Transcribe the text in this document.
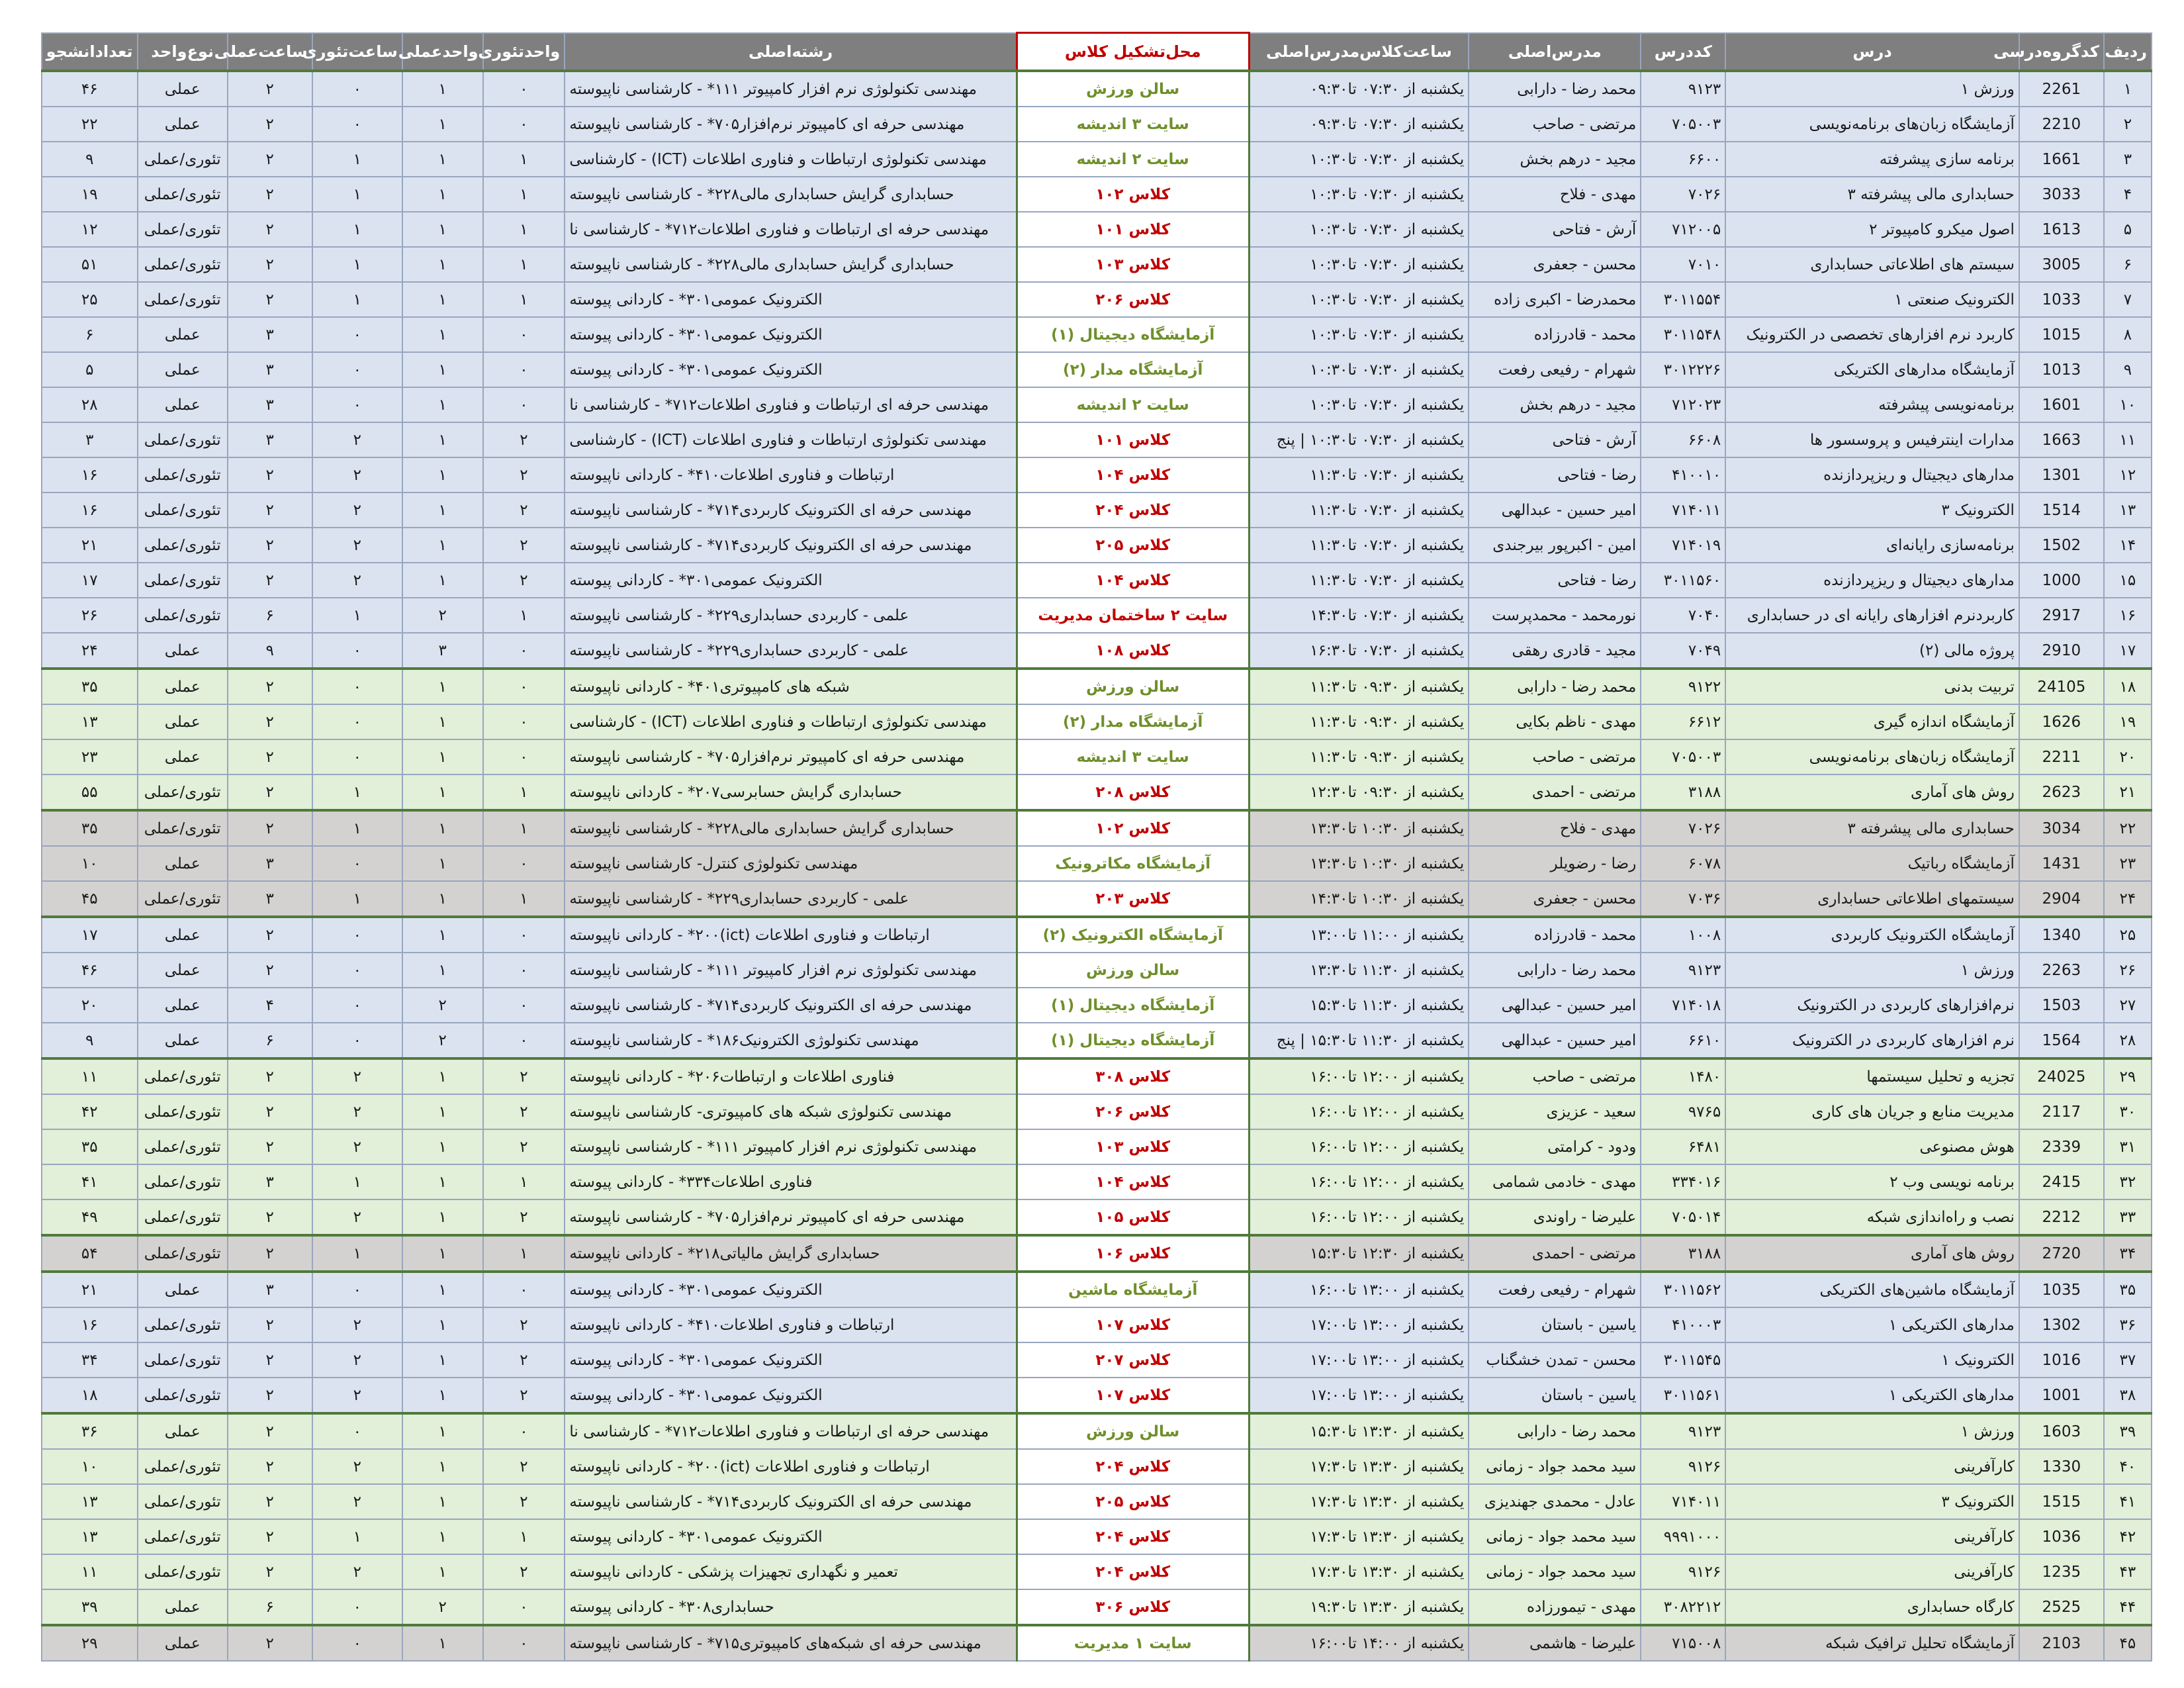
ردیف	کدگروه‌درسی	درس	کددرس	مدرس‌اصلی	ساعت‌کلاس‌مدرس‌اصلی	محل‌تشکیل کلاس	رشته‌اصلی	واحدتئوری	واحدعملی	ساعت‌تئوری	ساعت‌عملی	نوع‌واحد	تعدادانشجو
۱	2261	ورزش ۱	۹۱۲۳	محمد رضا - دارابی	یکشنبه از ۰۷:۳۰ تا۰۹:۳۰	سالن ورزش	مهندسی تکنولوژی نرم افزار کامپیوتر ۱۱۱* - کارشناسی ناپیوسته	۰	۱	۰	۲	عملی	۴۶
۲	2210	آزمایشگاه زبان‌های برنامه‌نویسی	۷۰۵۰۰۳	مرتضی - صاحب	یکشنبه از ۰۷:۳۰ تا۰۹:۳۰	سایت ۳ اندیشه	مهندسی حرفه ای کامپیوتر نرم‌افزار۷۰۵* - کارشناسی ناپیوسته	۰	۱	۰	۲	عملی	۲۲
۳	1661	برنامه سازی پیشرفته	۶۶۰۰	مجید - درهم بخش	یکشنبه از ۰۷:۳۰ تا۱۰:۳۰	سایت ۲ اندیشه	مهندسی تکنولوژی ارتباطات و فناوری اطلاعات (ICT) - کارشناسی	۱	۱	۱	۲	تئوری/عملی	۹
۴	3033	حسابداری مالی پیشرفته ۳	۷۰۲۶	مهدی - فلاح	یکشنبه از ۰۷:۳۰ تا۱۰:۳۰	کلاس ۱۰۲	حسابداری گرایش حسابداری مالی۲۲۸* - کارشناسی ناپیوسته	۱	۱	۱	۲	تئوری/عملی	۱۹
۵	1613	اصول میکرو کامپیوتر ۲	۷۱۲۰۰۵	آرش - فتاحی	یکشنبه از ۰۷:۳۰ تا۱۰:۳۰	کلاس ۱۰۱	مهندسی حرفه ای ارتباطات و فناوری اطلاعات۷۱۲* - کارشناسی نا	۱	۱	۱	۲	تئوری/عملی	۱۲
۶	3005	سیستم های اطلاعاتی حسابداری	۷۰۱۰	محسن - جعفری	یکشنبه از ۰۷:۳۰ تا۱۰:۳۰	کلاس ۱۰۳	حسابداری گرایش حسابداری مالی۲۲۸* - کارشناسی ناپیوسته	۱	۱	۱	۲	تئوری/عملی	۵۱
۷	1033	الکترونیک صنعتی ۱	۳۰۱۱۵۵۴	محمدرضا - اکبری زاده	یکشنبه از ۰۷:۳۰ تا۱۰:۳۰	کلاس ۲۰۶	الکترونیک عمومی۳۰۱* - کاردانی پیوسته	۱	۱	۱	۲	تئوری/عملی	۲۵
۸	1015	کاربرد نرم افزارهای تخصصی در الکترونیک	۳۰۱۱۵۴۸	محمد - قادرزاده	یکشنبه از ۰۷:۳۰ تا۱۰:۳۰	آزمایشگاه دیجیتال (۱)	الکترونیک عمومی۳۰۱* - کاردانی پیوسته	۰	۱	۰	۳	عملی	۶
۹	1013	آزمایشگاه مدارهای الکتریکی	۳۰۱۲۲۲۶	شهرام - رفیعی رفعت	یکشنبه از ۰۷:۳۰ تا۱۰:۳۰	آزمایشگاه مدار (۲)	الکترونیک عمومی۳۰۱* - کاردانی پیوسته	۰	۱	۰	۳	عملی	۵
۱۰	1601	برنامه‌نویسی پیشرفته	۷۱۲۰۲۳	مجید - درهم بخش	یکشنبه از ۰۷:۳۰ تا۱۰:۳۰	سایت ۲ اندیشه	مهندسی حرفه ای ارتباطات و فناوری اطلاعات۷۱۲* - کارشناسی نا	۰	۱	۰	۳	عملی	۲۸
۱۱	1663	مدارات اینترفیس و پروسسور ها	۶۶۰۸	آرش - فتاحی	یکشنبه از ۰۷:۳۰ تا۱۰:۳۰ | پنج	کلاس ۱۰۱	مهندسی تکنولوژی ارتباطات و فناوری اطلاعات (ICT) - کارشناسی	۲	۱	۲	۳	تئوری/عملی	۳
۱۲	1301	مدارهای دیجیتال و ریزپردازنده	۴۱۰۰۱۰	رضا - فتاحی	یکشنبه از ۰۷:۳۰ تا۱۱:۳۰	کلاس ۱۰۴	ارتباطات و فناوری اطلاعات۴۱۰* - کاردانی ناپیوسته	۲	۱	۲	۲	تئوری/عملی	۱۶
۱۳	1514	الکترونیک ۳	۷۱۴۰۱۱	امیر حسین - عبدالهی	یکشنبه از ۰۷:۳۰ تا۱۱:۳۰	کلاس ۲۰۴	مهندسی حرفه ای الکترونیک کاربردی۷۱۴* - کارشناسی ناپیوسته	۲	۱	۲	۲	تئوری/عملی	۱۶
۱۴	1502	برنامه‌سازی رایانه‌ای	۷۱۴۰۱۹	امین - اکبرپور بیرجندی	یکشنبه از ۰۷:۳۰ تا۱۱:۳۰	کلاس ۲۰۵	مهندسی حرفه ای الکترونیک کاربردی۷۱۴* - کارشناسی ناپیوسته	۲	۱	۲	۲	تئوری/عملی	۲۱
۱۵	1000	مدارهای دیجیتال و ریزپردازنده	۳۰۱۱۵۶۰	رضا - فتاحی	یکشنبه از ۰۷:۳۰ تا۱۱:۳۰	کلاس ۱۰۴	الکترونیک عمومی۳۰۱* - کاردانی پیوسته	۲	۱	۲	۲	تئوری/عملی	۱۷
۱۶	2917	کاربردنرم افزارهای رایانه ای در حسابداری	۷۰۴۰	نورمحمد - محمدپرست	یکشنبه از ۰۷:۳۰ تا۱۴:۳۰	سایت ۲ ساختمان مدیریت	علمی - کاربردی حسابداری۲۲۹* - کارشناسی ناپیوسته	۱	۲	۱	۶	تئوری/عملی	۲۶
۱۷	2910	پروژه مالی (۲)	۷۰۴۹	مجید - قادری رهقی	یکشنبه از ۰۷:۳۰ تا۱۶:۳۰	کلاس ۱۰۸	علمی - کاربردی حسابداری۲۲۹* - کارشناسی ناپیوسته	۰	۳	۰	۹	عملی	۲۴
۱۸	24105	تربیت بدنی	۹۱۲۲	محمد رضا - دارابی	یکشنبه از ۰۹:۳۰ تا۱۱:۳۰	سالن ورزش	شبکه های کامپیوتری۴۰۱* - کاردانی ناپیوسته	۰	۱	۰	۲	عملی	۳۵
۱۹	1626	آزمایشگاه اندازه گیری	۶۶۱۲	مهدی - ناظم بکایی	یکشنبه از ۰۹:۳۰ تا۱۱:۳۰	آزمایشگاه مدار (۲)	مهندسی تکنولوژی ارتباطات و فناوری اطلاعات (ICT) - کارشناسی	۰	۱	۰	۲	عملی	۱۳
۲۰	2211	آزمایشگاه زبان‌های برنامه‌نویسی	۷۰۵۰۰۳	مرتضی - صاحب	یکشنبه از ۰۹:۳۰ تا۱۱:۳۰	سایت ۳ اندیشه	مهندسی حرفه ای کامپیوتر نرم‌افزار۷۰۵* - کارشناسی ناپیوسته	۰	۱	۰	۲	عملی	۲۳
۲۱	2623	روش های آماری	۳۱۸۸	مرتضی - احمدی	یکشنبه از ۰۹:۳۰ تا۱۲:۳۰	کلاس ۲۰۸	حسابداری گرایش حسابرسی۲۰۷* - کاردانی ناپیوسته	۱	۱	۱	۲	تئوری/عملی	۵۵
۲۲	3034	حسابداری مالی پیشرفته ۳	۷۰۲۶	مهدی - فلاح	یکشنبه از ۱۰:۳۰ تا۱۳:۳۰	کلاس ۱۰۲	حسابداری گرایش حسابداری مالی۲۲۸* - کارشناسی ناپیوسته	۱	۱	۱	۲	تئوری/عملی	۳۵
۲۳	1431	آزمایشگاه رباتیک	۶۰۷۸	رضا - رضویلر	یکشنبه از ۱۰:۳۰ تا۱۳:۳۰	آزمایشگاه مکاترونیک	مهندسی تکنولوژی کنترل- کارشناسی ناپیوسته	۰	۱	۰	۳	عملی	۱۰
۲۴	2904	سیستمهای اطلاعاتی حسابداری	۷۰۳۶	محسن - جعفری	یکشنبه از ۱۰:۳۰ تا۱۴:۳۰	کلاس ۲۰۳	علمی - کاربردی حسابداری۲۲۹* - کارشناسی ناپیوسته	۱	۱	۱	۳	تئوری/عملی	۴۵
۲۵	1340	آزمایشگاه الکترونیک کاربردی	۱۰۰۸	محمد - قادرزاده	یکشنبه از ۱۱:۰۰ تا۱۳:۰۰	آزمایشگاه الکترونیک (۲)	ارتباطات و فناوری اطلاعات (ict)۲۰۰* - کاردانی ناپیوسته	۰	۱	۰	۲	عملی	۱۷
۲۶	2263	ورزش ۱	۹۱۲۳	محمد رضا - دارابی	یکشنبه از ۱۱:۳۰ تا۱۳:۳۰	سالن ورزش	مهندسی تکنولوژی نرم افزار کامپیوتر ۱۱۱* - کارشناسی ناپیوسته	۰	۱	۰	۲	عملی	۴۶
۲۷	1503	نرم‌افزارهای کاربردی در الکترونیک	۷۱۴۰۱۸	امیر حسین - عبدالهی	یکشنبه از ۱۱:۳۰ تا۱۵:۳۰	آزمایشگاه دیجیتال (۱)	مهندسی حرفه ای الکترونیک کاربردی۷۱۴* - کارشناسی ناپیوسته	۰	۲	۰	۴	عملی	۲۰
۲۸	1564	نرم افزارهای کاربردی در الکترونیک	۶۶۱۰	امیر حسین - عبدالهی	یکشنبه از ۱۱:۳۰ تا۱۵:۳۰ | پنج	آزمایشگاه دیجیتال (۱)	مهندسی تکنولوژی الکترونیک۱۸۶* - کارشناسی ناپیوسته	۰	۲	۰	۶	عملی	۹
۲۹	24025	تجزیه و تحلیل سیستمها	۱۴۸۰	مرتضی - صاحب	یکشنبه از ۱۲:۰۰ تا۱۶:۰۰	کلاس ۳۰۸	فناوری اطلاعات و ارتباطات۲۰۶* - کاردانی ناپیوسته	۲	۱	۲	۲	تئوری/عملی	۱۱
۳۰	2117	مدیریت منابع و جریان های کاری	۹۷۶۵	سعید - عزیزی	یکشنبه از ۱۲:۰۰ تا۱۶:۰۰	کلاس ۲۰۶	مهندسی تکنولوژی شبکه های کامپیوتری- کارشناسی ناپیوسته	۲	۱	۲	۲	تئوری/عملی	۴۲
۳۱	2339	هوش مصنوعی	۶۴۸۱	ودود - کرامتی	یکشنبه از ۱۲:۰۰ تا۱۶:۰۰	کلاس ۱۰۳	مهندسی تکنولوژی نرم افزار کامپیوتر ۱۱۱* - کارشناسی ناپیوسته	۲	۱	۲	۲	تئوری/عملی	۳۵
۳۲	2415	برنامه نویسی وب ۲	۳۳۴۰۱۶	مهدی - خادمی شمامی	یکشنبه از ۱۲:۰۰ تا۱۶:۰۰	کلاس ۱۰۴	فناوری اطلاعات۳۳۴* - کاردانی پیوسته	۱	۱	۱	۳	تئوری/عملی	۴۱
۳۳	2212	نصب و راه‌اندازی شبکه	۷۰۵۰۱۴	علیرضا - راوندی	یکشنبه از ۱۲:۰۰ تا۱۶:۰۰	کلاس ۱۰۵	مهندسی حرفه ای کامپیوتر نرم‌افزار۷۰۵* - کارشناسی ناپیوسته	۲	۱	۲	۲	تئوری/عملی	۴۹
۳۴	2720	روش های آماری	۳۱۸۸	مرتضی - احمدی	یکشنبه از ۱۲:۳۰ تا۱۵:۳۰	کلاس ۱۰۶	حسابداری گرایش مالیاتی۲۱۸* - کاردانی ناپیوسته	۱	۱	۱	۲	تئوری/عملی	۵۴
۳۵	1035	آزمایشگاه ماشین‌های الکتریکی	۳۰۱۱۵۶۲	شهرام - رفیعی رفعت	یکشنبه از ۱۳:۰۰ تا۱۶:۰۰	آزمایشگاه ماشین	الکترونیک عمومی۳۰۱* - کاردانی پیوسته	۰	۱	۰	۳	عملی	۲۱
۳۶	1302	مدارهای الکتریکی ۱	۴۱۰۰۰۳	یاسین - باستان	یکشنبه از ۱۳:۰۰ تا۱۷:۰۰	کلاس ۱۰۷	ارتباطات و فناوری اطلاعات۴۱۰* - کاردانی ناپیوسته	۲	۱	۲	۲	تئوری/عملی	۱۶
۳۷	1016	الکترونیک ۱	۳۰۱۱۵۴۵	محسن - تمدن خشگناب	یکشنبه از ۱۳:۰۰ تا۱۷:۰۰	کلاس ۲۰۷	الکترونیک عمومی۳۰۱* - کاردانی پیوسته	۲	۱	۲	۲	تئوری/عملی	۳۴
۳۸	1001	مدارهای الکتریکی ۱	۳۰۱۱۵۶۱	یاسین - باستان	یکشنبه از ۱۳:۰۰ تا۱۷:۰۰	کلاس ۱۰۷	الکترونیک عمومی۳۰۱* - کاردانی پیوسته	۲	۱	۲	۲	تئوری/عملی	۱۸
۳۹	1603	ورزش ۱	۹۱۲۳	محمد رضا - دارابی	یکشنبه از ۱۳:۳۰ تا۱۵:۳۰	سالن ورزش	مهندسی حرفه ای ارتباطات و فناوری اطلاعات۷۱۲* - کارشناسی نا	۰	۱	۰	۲	عملی	۳۶
۴۰	1330	کارآفرینی	۹۱۲۶	سید محمد جواد - زمانی	یکشنبه از ۱۳:۳۰ تا۱۷:۳۰	کلاس ۲۰۴	ارتباطات و فناوری اطلاعات (ict)۲۰۰* - کاردانی ناپیوسته	۲	۱	۲	۲	تئوری/عملی	۱۰
۴۱	1515	الکترونیک ۳	۷۱۴۰۱۱	عادل - محمدی جهندیزی	یکشنبه از ۱۳:۳۰ تا۱۷:۳۰	کلاس ۲۰۵	مهندسی حرفه ای الکترونیک کاربردی۷۱۴* - کارشناسی ناپیوسته	۲	۱	۲	۲	تئوری/عملی	۱۳
۴۲	1036	کارآفرینی	۹۹۹۱۰۰۰	سید محمد جواد - زمانی	یکشنبه از ۱۳:۳۰ تا۱۷:۳۰	کلاس ۲۰۴	الکترونیک عمومی۳۰۱* - کاردانی پیوسته	۱	۱	۱	۲	تئوری/عملی	۱۳
۴۳	1235	کارآفرینی	۹۱۲۶	سید محمد جواد - زمانی	یکشنبه از ۱۳:۳۰ تا۱۷:۳۰	کلاس ۲۰۴	تعمیر و نگهداری تجهیزات پزشکی - کاردانی ناپیوسته	۲	۱	۲	۲	تئوری/عملی	۱۱
۴۴	2525	کارگاه حسابداری	۳۰۸۲۲۱۲	مهدی - تیمورزاده	یکشنبه از ۱۳:۳۰ تا۱۹:۳۰	کلاس ۳۰۶	حسابداری۳۰۸* - کاردانی پیوسته	۰	۲	۰	۶	عملی	۳۹
۴۵	2103	آزمایشگاه تحلیل ترافیک شبکه	۷۱۵۰۰۸	علیرضا - هاشمی	یکشنبه از ۱۴:۰۰ تا۱۶:۰۰	سایت ۱ مدیریت	مهندسی حرفه ای شبکه‌های کامپیوتری۷۱۵* - کارشناسی ناپیوسته	۰	۱	۰	۲	عملی	۲۹
